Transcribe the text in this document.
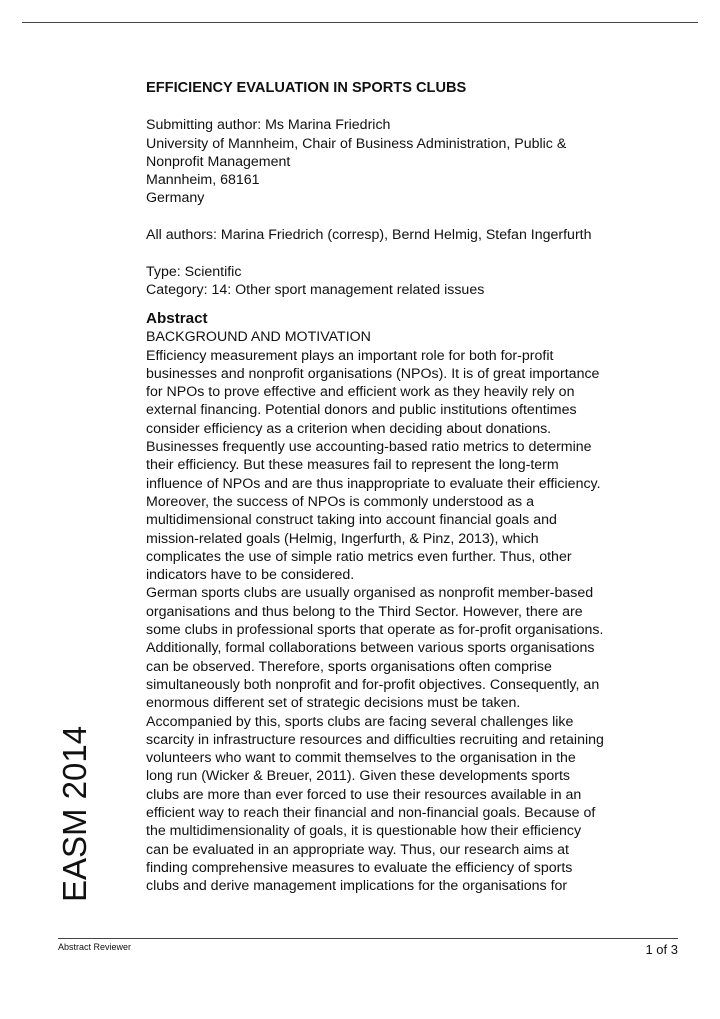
EFFICIENCY EVALUATION IN SPORTS CLUBS
Submitting author: Ms Marina Friedrich
University of Mannheim, Chair of Business Administration, Public &
Nonprofit Management
Mannheim, 68161
Germany
All authors: Marina Friedrich (corresp), Bernd Helmig, Stefan Ingerfurth
Type: Scientific
Category: 14: Other sport management related issues
Abstract
BACKGROUND AND MOTIVATION
Efficiency measurement plays an important role for both for-profit
businesses and nonprofit organisations (NPOs). It is of great importance
for NPOs to prove effective and efficient work as they heavily rely on
external financing. Potential donors and public institutions oftentimes
consider efficiency as a criterion when deciding about donations.
Businesses frequently use accounting-based ratio metrics to determine
their efficiency. But these measures fail to represent the long-term
influence of NPOs and are thus inappropriate to evaluate their efficiency.
Moreover, the success of NPOs is commonly understood as a
multidimensional construct taking into account financial goals and
mission-related goals (Helmig, Ingerfurth, & Pinz, 2013), which
complicates the use of simple ratio metrics even further. Thus, other
indicators have to be considered.
German sports clubs are usually organised as nonprofit member-based
organisations and thus belong to the Third Sector. However, there are
some clubs in professional sports that operate as for-profit organisations.
Additionally, formal collaborations between various sports organisations
can be observed. Therefore, sports organisations often comprise
simultaneously both nonprofit and for-profit objectives. Consequently, an
enormous different set of strategic decisions must be taken.
Accompanied by this, sports clubs are facing several challenges like
scarcity in infrastructure resources and difficulties recruiting and retaining
volunteers who want to commit themselves to the organisation in the
long run (Wicker & Breuer, 2011). Given these developments sports
clubs are more than ever forced to use their resources available in an
efficient way to reach their financial and non-financial goals. Because of
the multidimensionality of goals, it is questionable how their efficiency
can be evaluated in an appropriate way. Thus, our research aims at
finding comprehensive measures to evaluate the efficiency of sports
clubs and derive management implications for the organisations for
EASM 2014
Abstract Reviewer	1 of 3
